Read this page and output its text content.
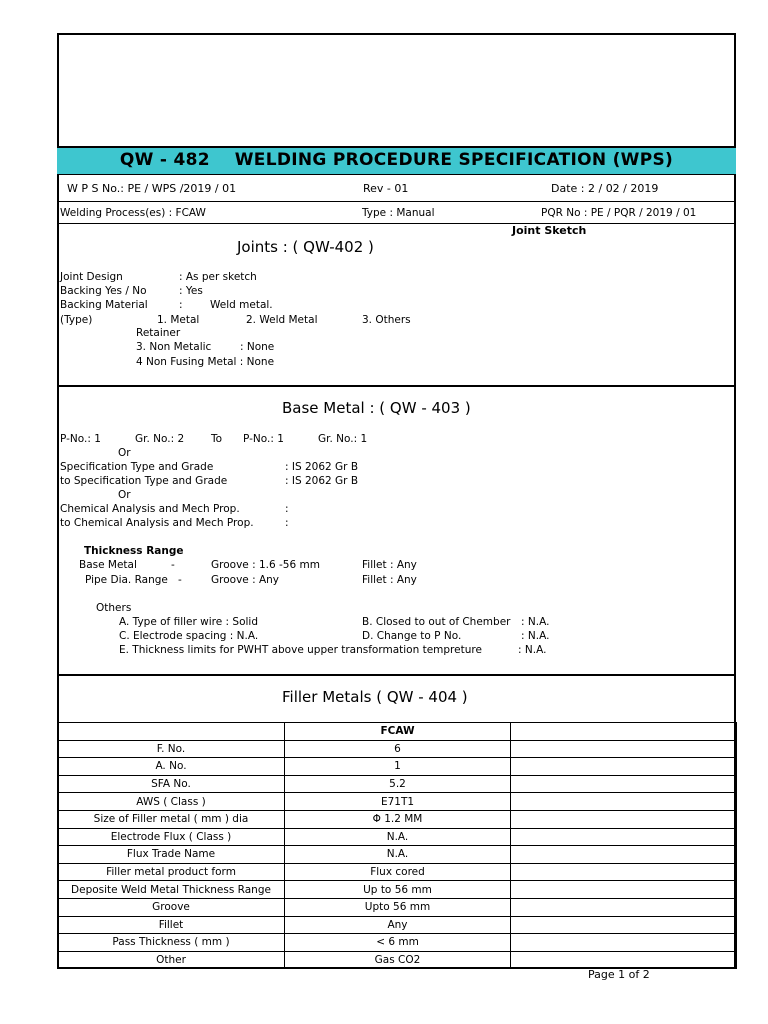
QW - 482 WELDING PROCEDURE SPECIFICATION (WPS)
W P S No.: PE / WPS /2019 / 01	Rev - 01	Date : 2 / 02 / 2019
Welding Process(es) : FCAW	Type : Manual	PQR No : PE / PQR / 2019 / 01
Joint Sketch
Joints : ( QW-402 )
Joint Design	: As per sketch
Backing Yes / No	: Yes
Backing Material	:	Weld metal.
(Type)	1. Metal	2. Weld Metal	3. Others
Retainer
3. Non Metalic	: None
4 Non Fusing Metal : None
Base Metal : ( QW - 403 )
P-No.: 1	Gr. No.: 2	To P-No.: 1	Gr. No.: 1
Or
Specification Type and Grade	: IS 2062 Gr B
to Specification Type and Grade	: IS 2062 Gr B
Or
Chemical Analysis and Mech Prop.	:
to Chemical Analysis and Mech Prop.	:
Thickness Range
Base Metal	-	Groove : 1.6 -56 mm	Fillet : Any
Pipe Dia. Range -	Groove : Any	Fillet : Any
Others
A. Type of filler wire : Solid	B. Closed to out of Chember : N.A.
C. Electrode spacing : N.A.	D. Change to P No.	: N.A.
E. Thickness limits for PWHT above upper transformation tempreture	: N.A.
Filler Metals ( QW - 404 )
	FCAW	
F. No.	6	
A. No.	1	
SFA No.	5.2	
AWS ( Class )	E71T1	
Size of Filler metal ( mm ) dia	Φ 1.2 MM	
Electrode Flux ( Class )	N.A.	
Flux Trade Name	N.A.	
Filler metal product form	Flux cored	
Deposite Weld Metal Thickness Range	Up to 56 mm	
Groove	Upto 56 mm	
Fillet	Any	
Pass Thickness ( mm )	< 6 mm	
Other	Gas CO2	
Page 1 of 2
